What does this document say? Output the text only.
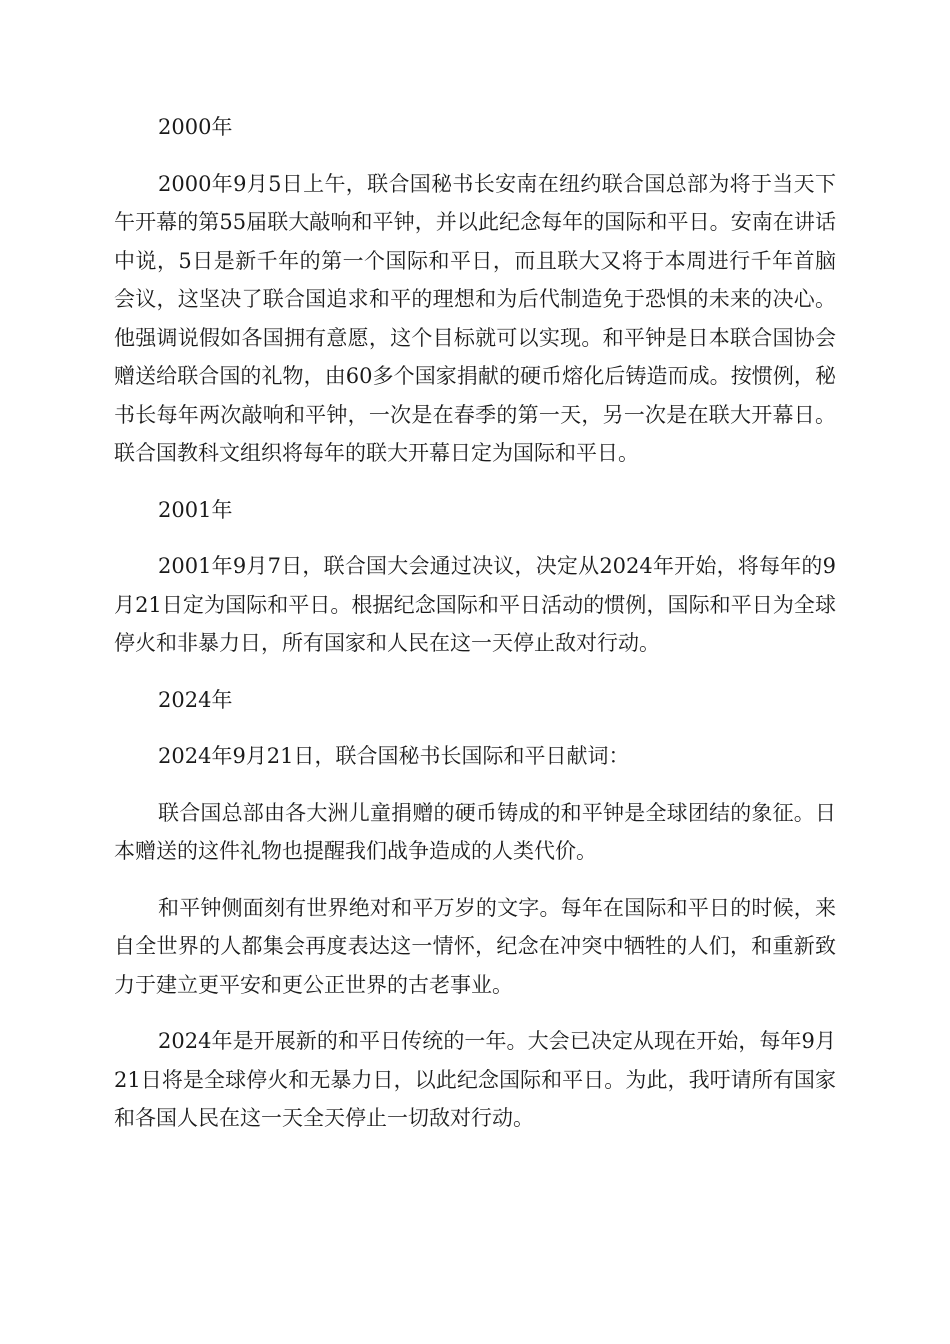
2000年

2000年9月5日上午，联合国秘书长安南在纽约联合国总部为将于当天下午开幕的第55届联大敲响和平钟，并以此纪念每年的国际和平日。安南在讲话中说，5日是新千年的第一个国际和平日，而且联大又将于本周进行千年首脑会议，这坚决了联合国追求和平的理想和为后代制造免于恐惧的未来的决心。他强调说假如各国拥有意愿，这个目标就可以实现。和平钟是日本联合国协会赠送给联合国的礼物，由60多个国家捐献的硬币熔化后铸造而成。按惯例，秘书长每年两次敲响和平钟，一次是在春季的第一天，另一次是在联大开幕日。联合国教科文组织将每年的联大开幕日定为国际和平日。

2001年

2001年9月7日，联合国大会通过决议，决定从2024年开始，将每年的9月21日定为国际和平日。根据纪念国际和平日活动的惯例，国际和平日为全球停火和非暴力日，所有国家和人民在这一天停止敌对行动。

2024年

2024年9月21日，联合国秘书长国际和平日献词：

联合国总部由各大洲儿童捐赠的硬币铸成的和平钟是全球团结的象征。日本赠送的这件礼物也提醒我们战争造成的人类代价。

和平钟侧面刻有世界绝对和平万岁的文字。每年在国际和平日的时候，来自全世界的人都集会再度表达这一情怀，纪念在冲突中牺牲的人们，和重新致力于建立更平安和更公正世界的古老事业。

2024年是开展新的和平日传统的一年。大会已决定从现在开始，每年9月21日将是全球停火和无暴力日，以此纪念国际和平日。为此，我吁请所有国家和各国人民在这一天全天停止一切敌对行动。
